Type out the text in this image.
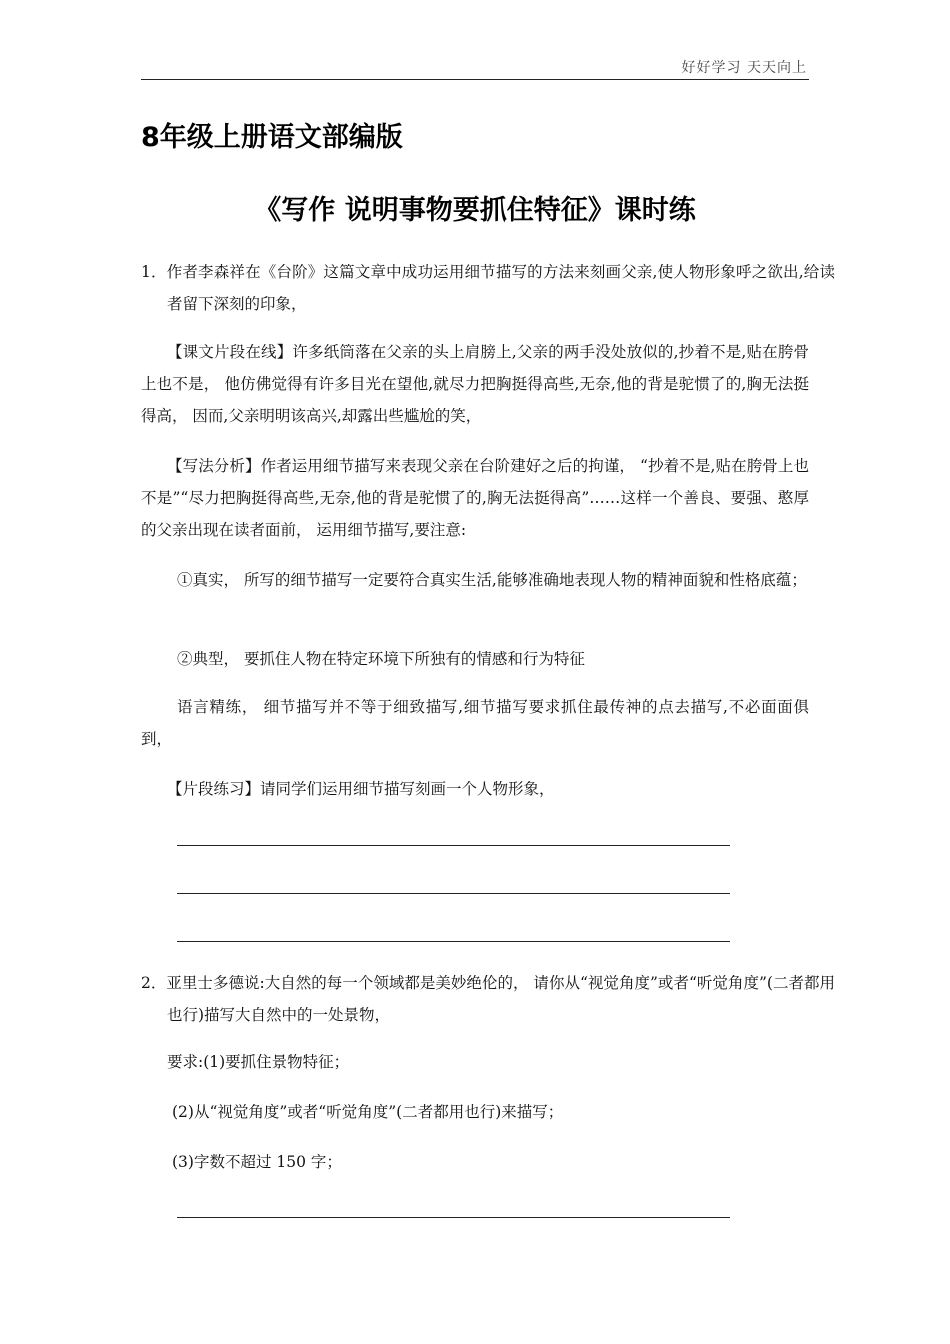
好好学习 天天向上
8年级上册语文部编版
《写作 说明事物要抓住特征》课时练

1．作者李森祥在《台阶》这篇文章中成功运用细节描写的方法来刻画父亲,使人物形象呼之欲出,给读者留下深刻的印象，

【课文片段在线】许多纸筒落在父亲的头上肩膀上,父亲的两手没处放似的,抄着不是,贴在胯骨上也不是， 他仿佛觉得有许多目光在望他,就尽力把胸挺得高些,无奈,他的背是驼惯了的,胸无法挺得高， 因而,父亲明明该高兴,却露出些尴尬的笑，

【写法分析】作者运用细节描写来表现父亲在台阶建好之后的拘谨， “抄着不是,贴在胯骨上也不是”“尽力把胸挺得高些,无奈,他的背是驼惯了的,胸无法挺得高”……这样一个善良、要强、憨厚的父亲出现在读者面前， 运用细节描写,要注意:

①真实， 所写的细节描写一定要符合真实生活,能够准确地表现人物的精神面貌和性格底蕴；

②典型， 要抓住人物在特定环境下所独有的情感和行为特征

语言精练， 细节描写并不等于细致描写,细节描写要求抓住最传神的点去描写,不必面面俱到，

【片段练习】请同学们运用细节描写刻画一个人物形象，

2．亚里士多德说:大自然的每一个领域都是美妙绝伦的， 请你从“视觉角度”或者“听觉角度”(二者都用也行)描写大自然中的一处景物，

要求:(1)要抓住景物特征；

(2)从“视觉角度”或者“听觉角度”(二者都用也行)来描写；

(3)字数不超过 150 字；
